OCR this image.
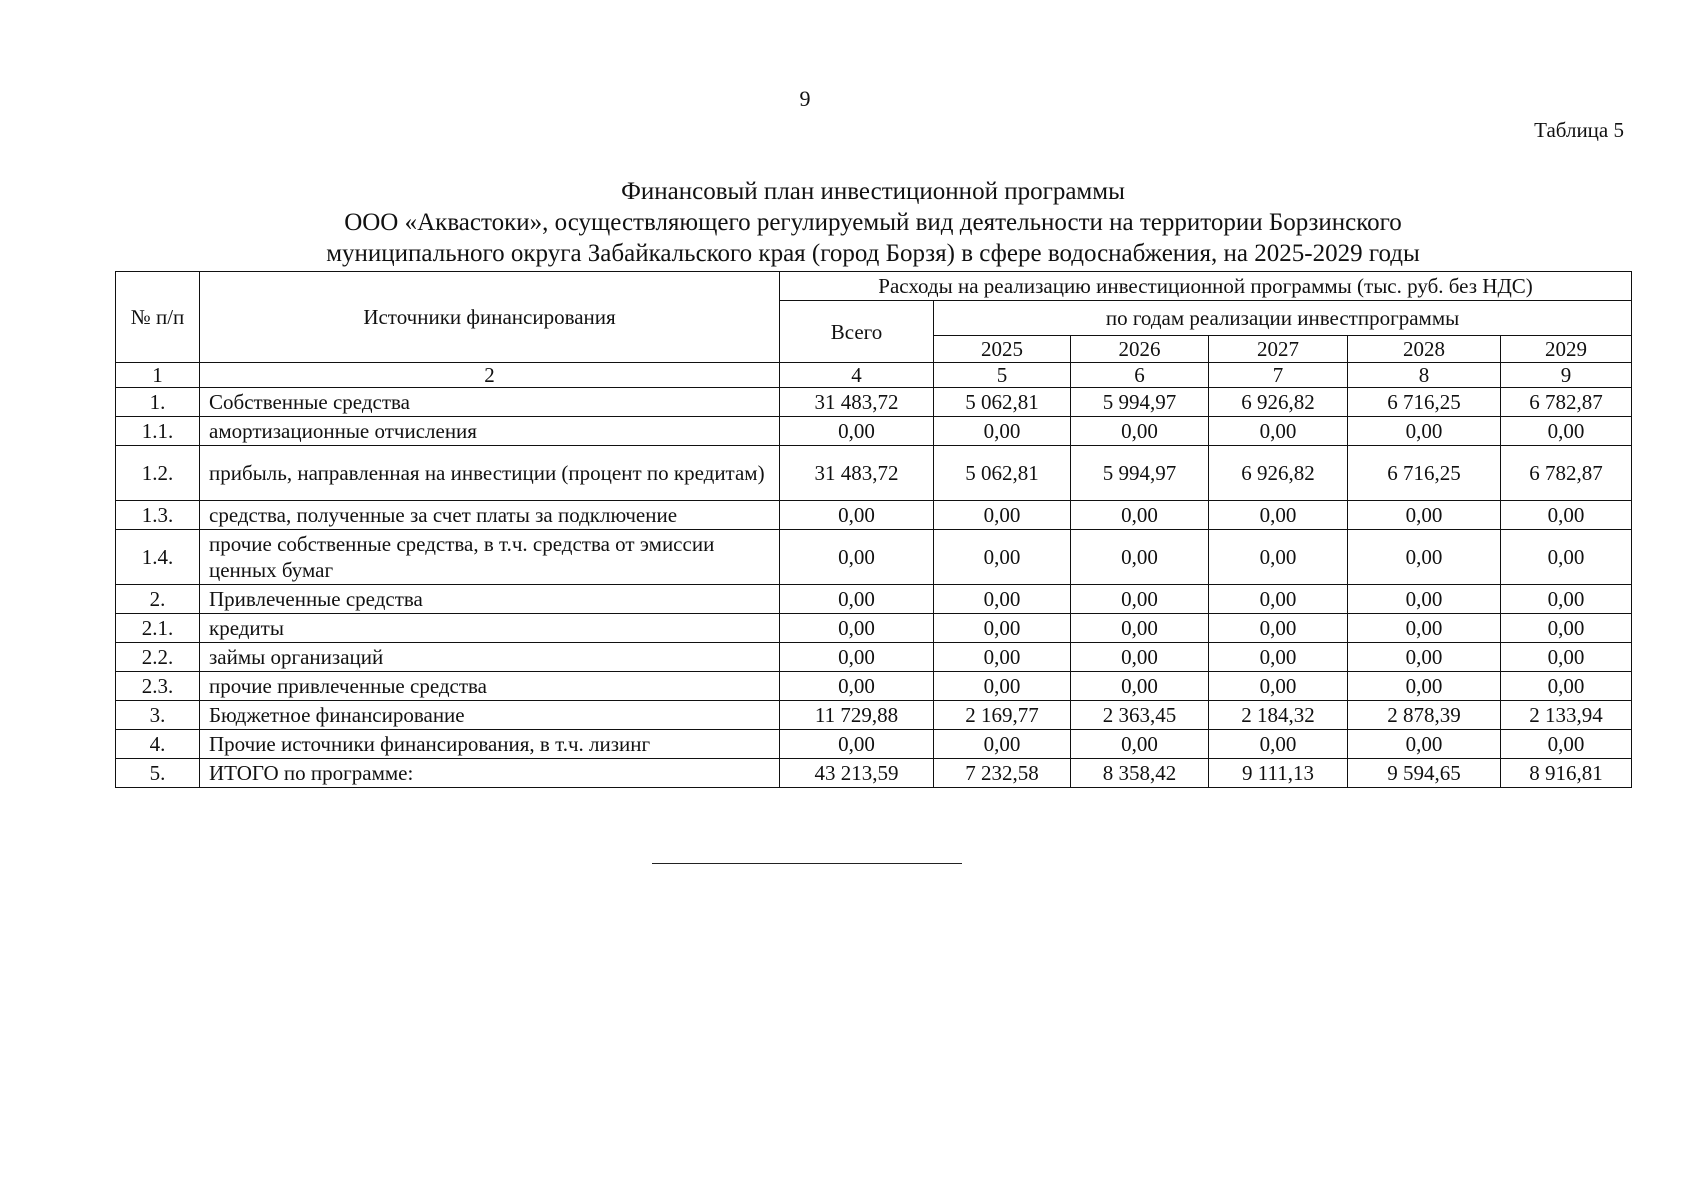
9
Таблица 5
Финансовый план инвестиционной программы
ООО «Аквастоки», осуществляющего регулируемый вид деятельности на территории Борзинского
муниципального округа Забайкальского края (город Борзя) в сфере водоснабжения, на 2025-2029 годы
№ п/п	Источники финансирования	Расходы на реализацию инвестиционной программы (тыс. руб. без НДС)					
		Всего	по годам реализации инвестпрограммы				
			2025	2026	2027	2028	2029
1	2	4	5	6	7	8	9
1.	Собственные средства	31 483,72	5 062,81	5 994,97	6 926,82	6 716,25	6 782,87
1.1.	амортизационные отчисления	0,00	0,00	0,00	0,00	0,00	0,00
1.2.	прибыль, направленная на инвестиции (процент по кредитам)	31 483,72	5 062,81	5 994,97	6 926,82	6 716,25	6 782,87
1.3.	средства, полученные за счет платы за подключение	0,00	0,00	0,00	0,00	0,00	0,00
1.4.	прочие собственные средства, в т.ч. средства от эмиссии ценных бумаг	0,00	0,00	0,00	0,00	0,00	0,00
2.	Привлеченные средства	0,00	0,00	0,00	0,00	0,00	0,00
2.1.	кредиты	0,00	0,00	0,00	0,00	0,00	0,00
2.2.	займы организаций	0,00	0,00	0,00	0,00	0,00	0,00
2.3.	прочие привлеченные средства	0,00	0,00	0,00	0,00	0,00	0,00
3.	Бюджетное финансирование	11 729,88	2 169,77	2 363,45	2 184,32	2 878,39	2 133,94
4.	Прочие источники финансирования, в т.ч. лизинг	0,00	0,00	0,00	0,00	0,00	0,00
5.	ИТОГО по программе:	43 213,59	7 232,58	8 358,42	9 111,13	9 594,65	8 916,81
